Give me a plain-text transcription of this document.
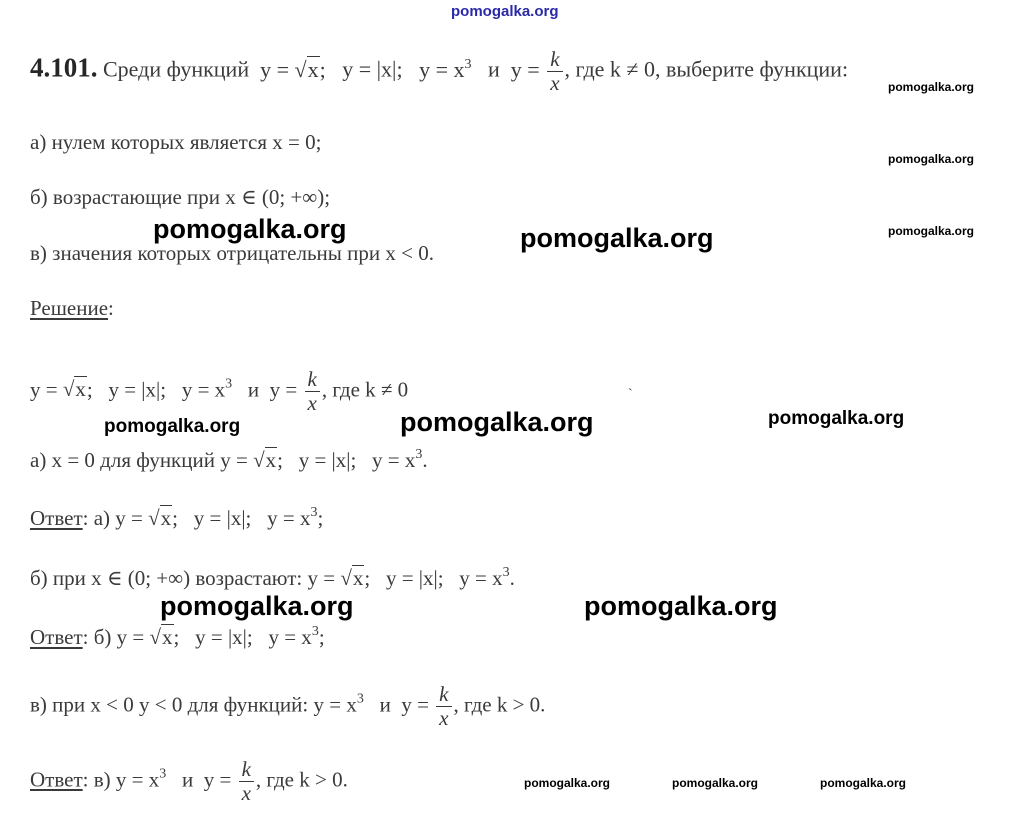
pomogalka.org
4.101. Среди функций y = √x; y = |x|; $y = x^3$ и $y = \frac{k}{x}$ , где k ≠ 0, выберите функции:
pomogalka.org
а) нулем которых является x = 0;
pomogalka.org
б) возрастающие при x ∈ (0; +∞);
pomogalka.org
в) значения которых отрицательны при x < 0.
pomogalka.org	pomogalka.org
Решение:
y = √x; y = |x|; $y = x^3$ и $y = \frac{k}{x}$ , где k ≠ 0	`
pomogalka.org	pomogalka.org	pomogalka.org
а) x = 0 для функций y = √x; y = |x|; $y = x^3$.
Ответ: а) y = √x; y = |x|; $y = x^3$;
б) при x ∈ (0; +∞) возрастают: y = √x; y = |x|; $y = x^3$.
pomogalka.org	pomogalka.org
Ответ: б) y = √x; y = |x|; $y = x^3$;
в) при x < 0 y < 0 для функций: $y = x^3$ и $y = \frac{k}{x}$ , где k > 0.
Ответ: в) $y = x^3$ и $y = \frac{k}{x}$ , где k > 0.	pomogalka.org	pomogalka.org	pomogalka.org
